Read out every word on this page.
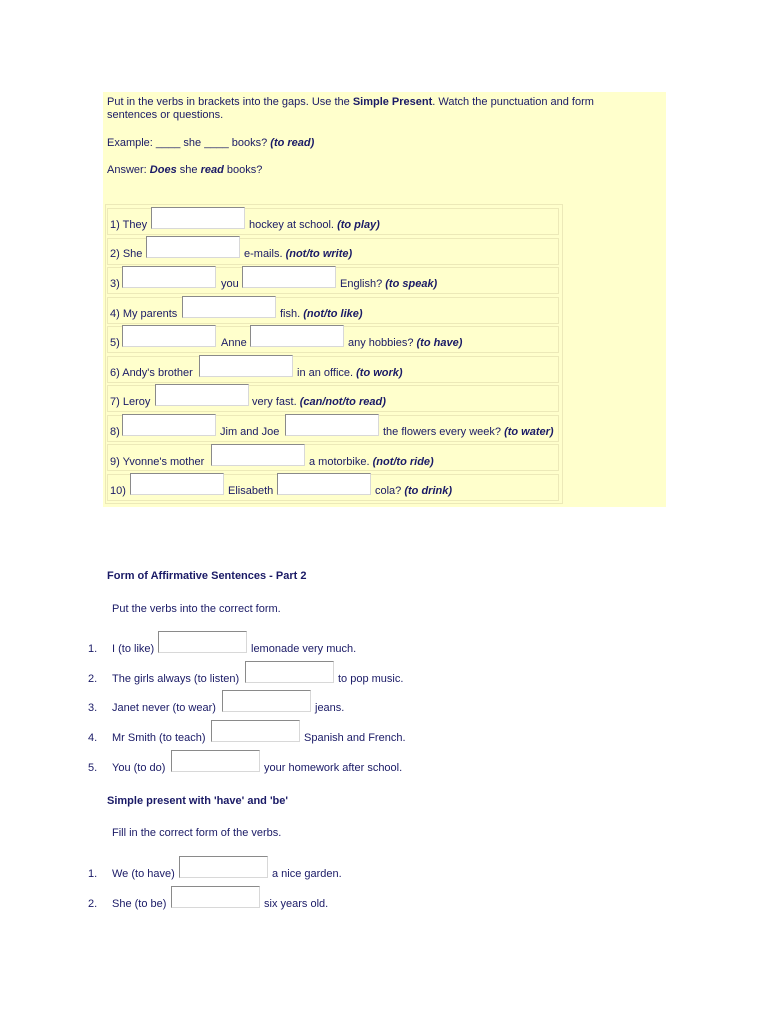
Put in the verbs in brackets into the gaps. Use the Simple Present. Watch the punctuation and form sentences or questions.
Example: ____ she ____ books? (to read)
Answer: Does she read books?
1) They	hockey at school. (to play)
2) She	e-mails. (not/to write)
3)	you	English? (to speak)
4) My parents	fish. (not/to like)
5)	Anne	any hobbies? (to have)
6) Andy's brother	in an office. (to work)
7) Leroy	very fast. (can/not/to read)
8)	Jim and Joe	the flowers every week? (to water)
9) Yvonne's mother	a motorbike. (not/to ride)
10)	Elisabeth	cola? (to drink)
Form of Affirmative Sentences - Part 2
Put the verbs into the correct form.
1. I (to like)	lemonade very much.
2. The girls always (to listen)	to pop music.
3. Janet never (to wear)	jeans.
4. Mr Smith (to teach)	Spanish and French.
5. You (to do)	your homework after school.
Simple present with 'have' and 'be'
Fill in the correct form of the verbs.
1. We (to have)	a nice garden.
2. She (to be)	six years old.
